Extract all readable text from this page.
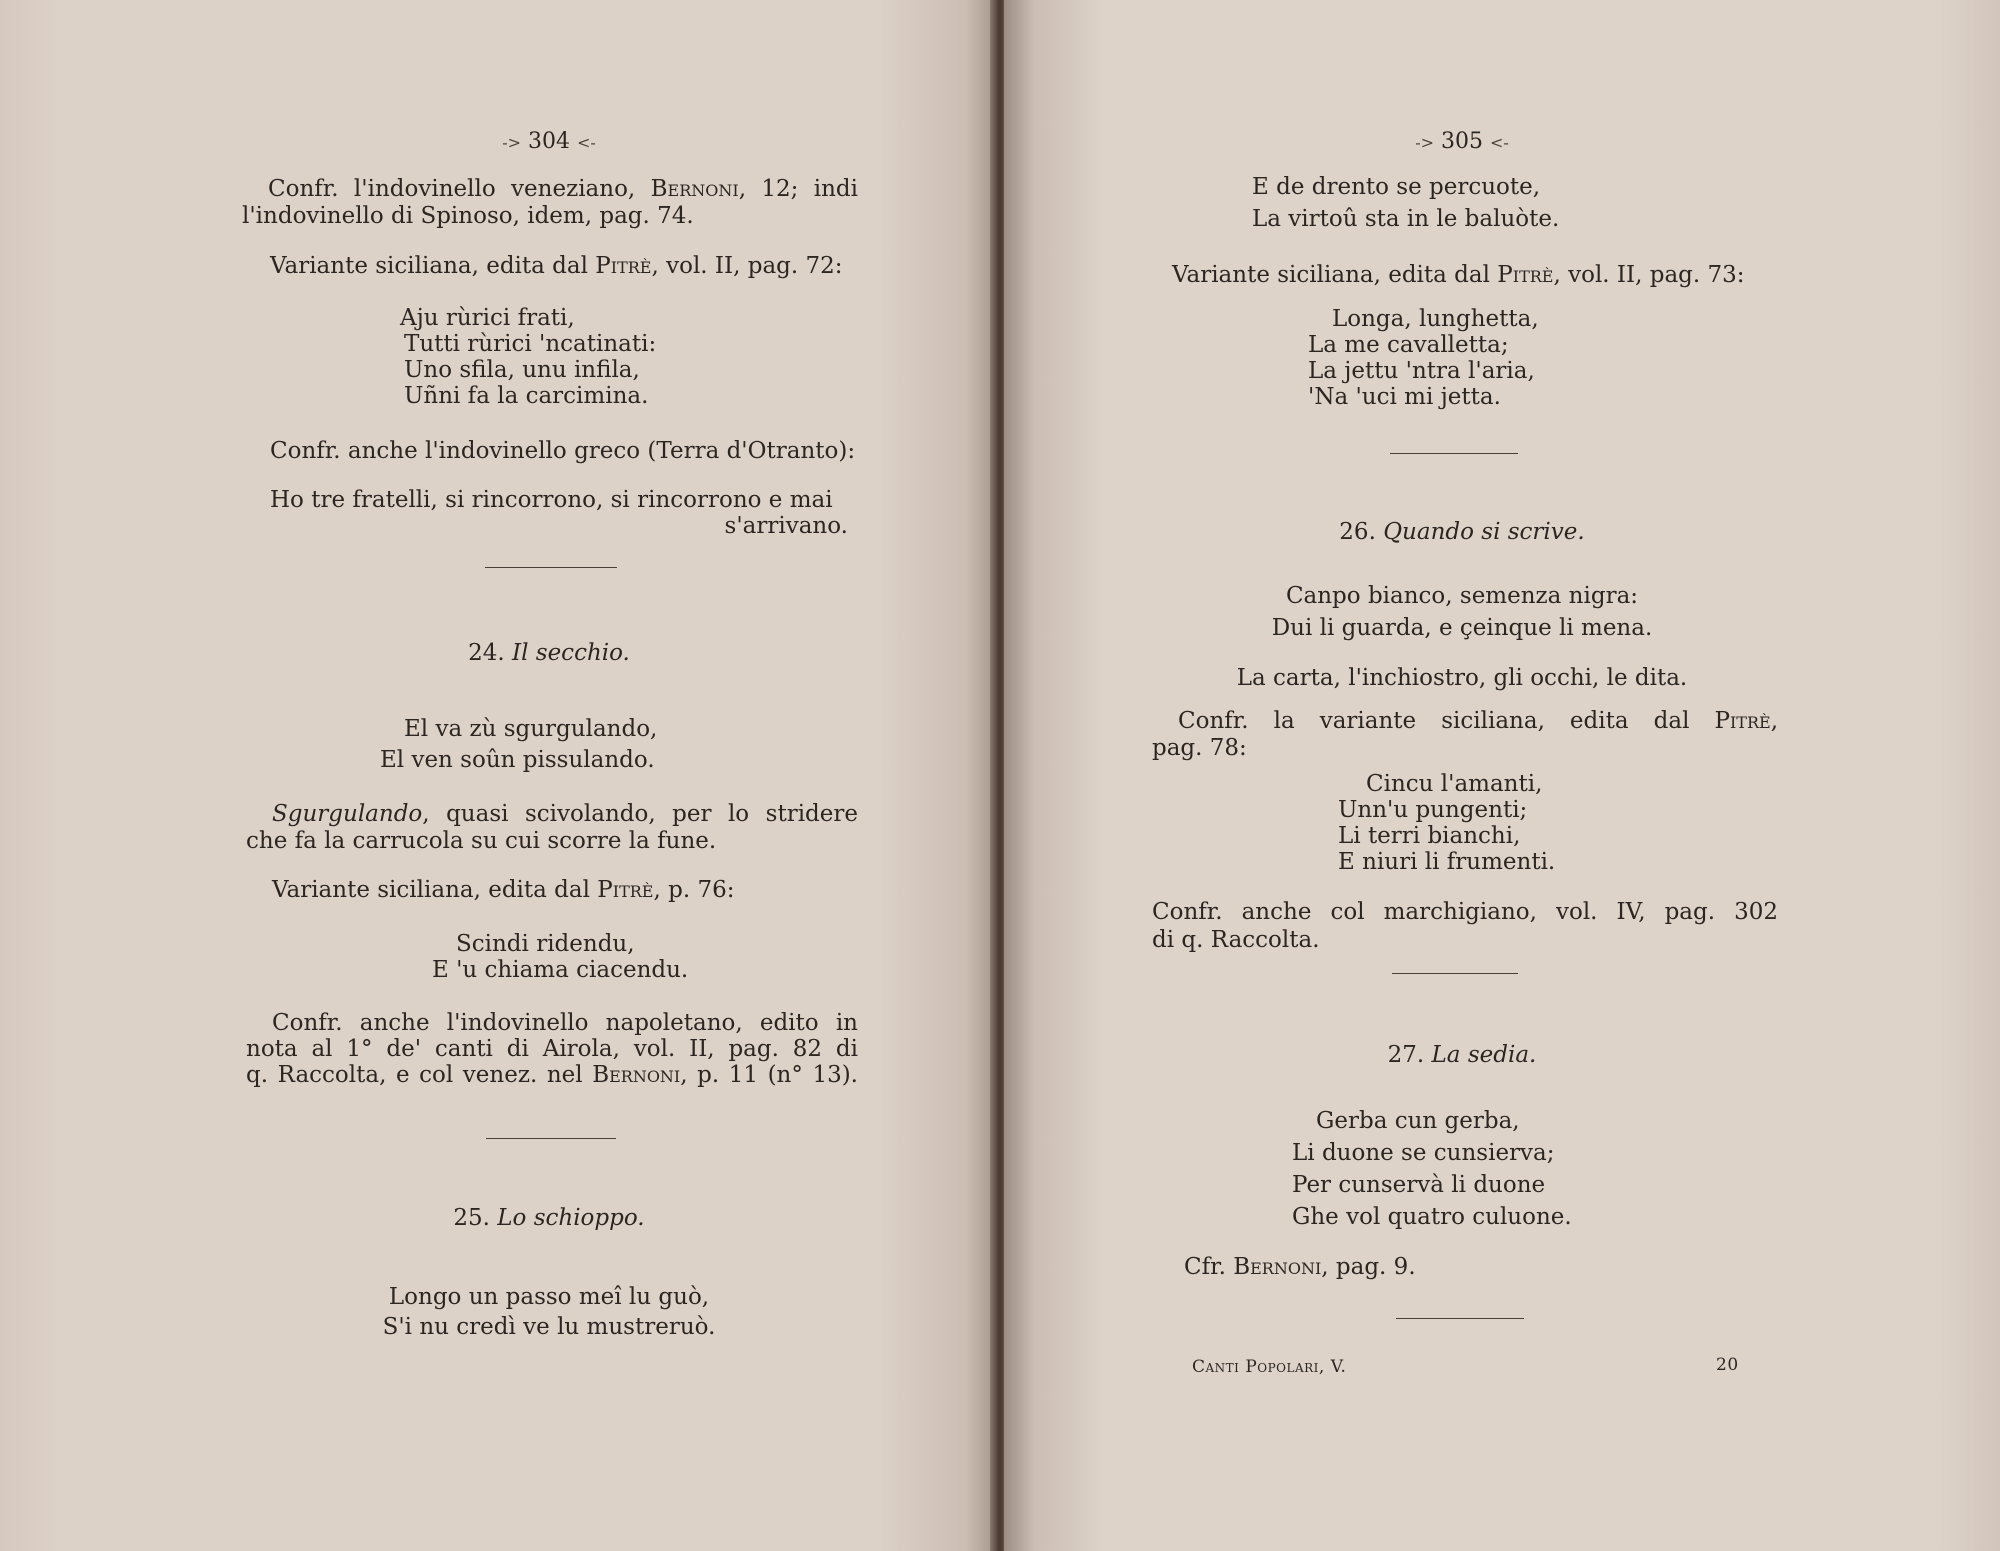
-> 304 <-
Confr. l'indovinello veneziano, Bernoni, 12; indi
l'indovinello di Spinoso, idem, pag. 74.
Variante siciliana, edita dal Pitrè, vol. II, pag. 72:
Aju rùrici frati,
Tutti rùrici 'ncatinati:
Uno sfila, unu infila,
Uñni fa la carcimina.
Confr. anche l'indovinello greco (Terra d'Otranto):
Ho tre fratelli, si rincorrono, si rincorrono e mai
s'arrivano.
24. Il secchio.
El va zù sgurgulando,
El ven soûn pissulando.
Sgurgulando, quasi scivolando, per lo stridere
che fa la carrucola su cui scorre la fune.
Variante siciliana, edita dal Pitrè, p. 76:
Scindi ridendu,
E 'u chiama ciacendu.
Confr. anche l'indovinello napoletano, edito in
nota al 1° de' canti di Airola, vol. II, pag. 82 di
q. Raccolta, e col venez. nel Bernoni, p. 11 (n° 13).
25. Lo schioppo.
Longo un passo meî lu guò,
S'i nu credì ve lu mustreruò.
-> 305 <-
E de drento se percuote,
La virtoû sta in le baluòte.
Variante siciliana, edita dal Pitrè, vol. II, pag. 73:
Longa, lunghetta,
La me cavalletta;
La jettu 'ntra l'aria,
'Na 'uci mi jetta.
26. Quando si scrive.
Canpo bianco, semenza nigra:
Dui li guarda, e çeinque li mena.
La carta, l'inchiostro, gli occhi, le dita.
Confr. la variante siciliana, edita dal Pitrè,
pag. 78:
Cincu l'amanti,
Unn'u pungenti;
Li terri bianchi,
E niuri li frumenti.
Confr. anche col marchigiano, vol. IV, pag. 302
di q. Raccolta.
27. La sedia.
Gerba cun gerba,
Li duone se cunsierva;
Per cunservà li duone
Ghe vol quatro culuone.
Cfr. Bernoni, pag. 9.
Canti Popolari, V.	20
